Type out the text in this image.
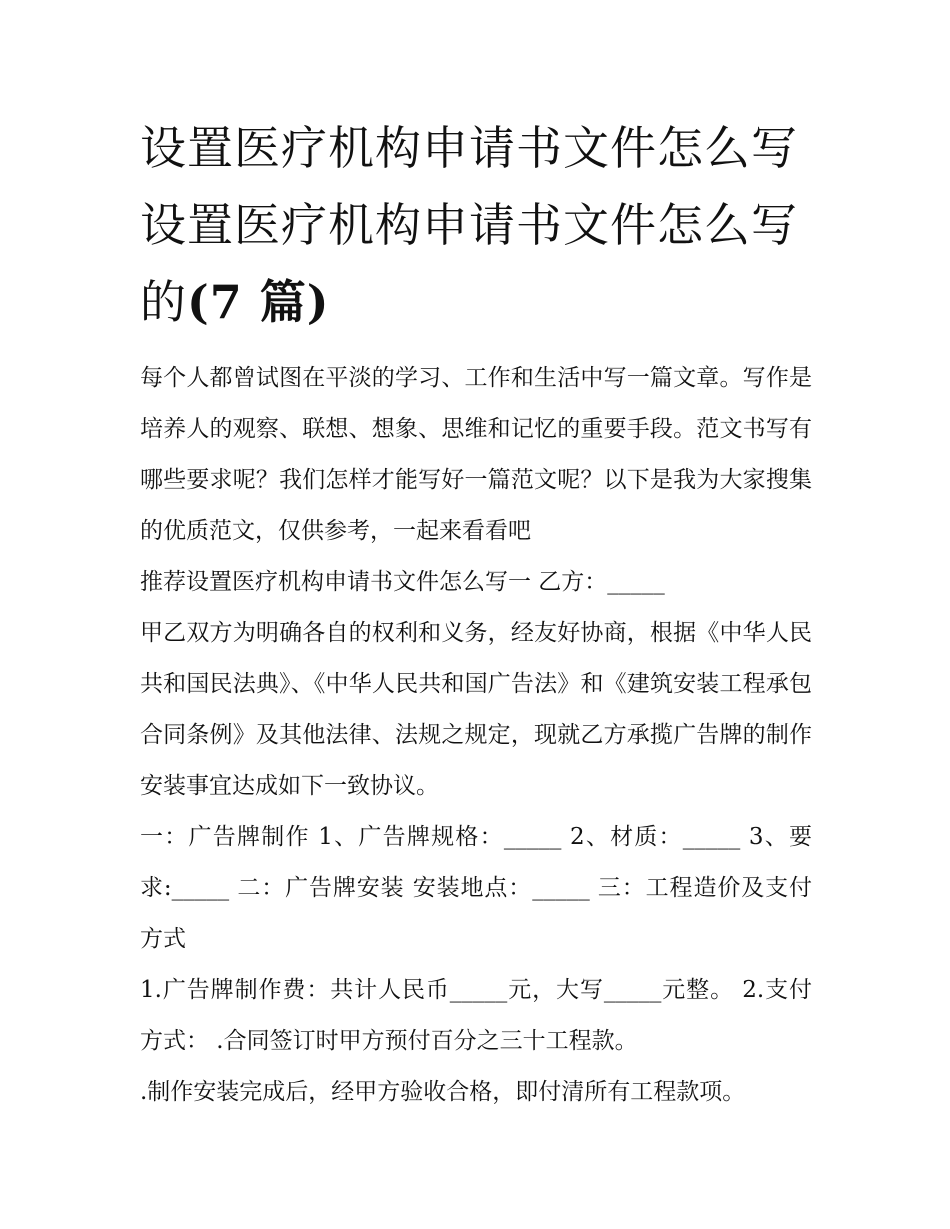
设置医疗机构申请书文件怎么写 设置医疗机构申请书文件怎么写的(7 篇)

每个人都曾试图在平淡的学习、工作和生活中写一篇文章。写作是培养人的观察、联想、想象、思维和记忆的重要手段。范文书写有哪些要求呢？我们怎样才能写好一篇范文呢？以下是我为大家搜集的优质范文，仅供参考，一起来看看吧

推荐设置医疗机构申请书文件怎么写一 乙方：_____

甲乙双方为明确各自的权利和义务，经友好协商，根据《中华人民共和国民法典》、《中华人民共和国广告法》和《建筑安装工程承包合同条例》及其他法律、法规之规定，现就乙方承揽广告牌的制作安装事宜达成如下一致协议。

一：广告牌制作 1、广告牌规格：_____ 2、材质：_____ 3、要求:_____ 二：广告牌安装 安装地点：_____ 三：工程造价及支付方式

1.广告牌制作费：共计人民币_____元，大写_____元整。 2.支付方式： .合同签订时甲方预付百分之三十工程款。

.制作安装完成后，经甲方验收合格，即付清所有工程款项。
